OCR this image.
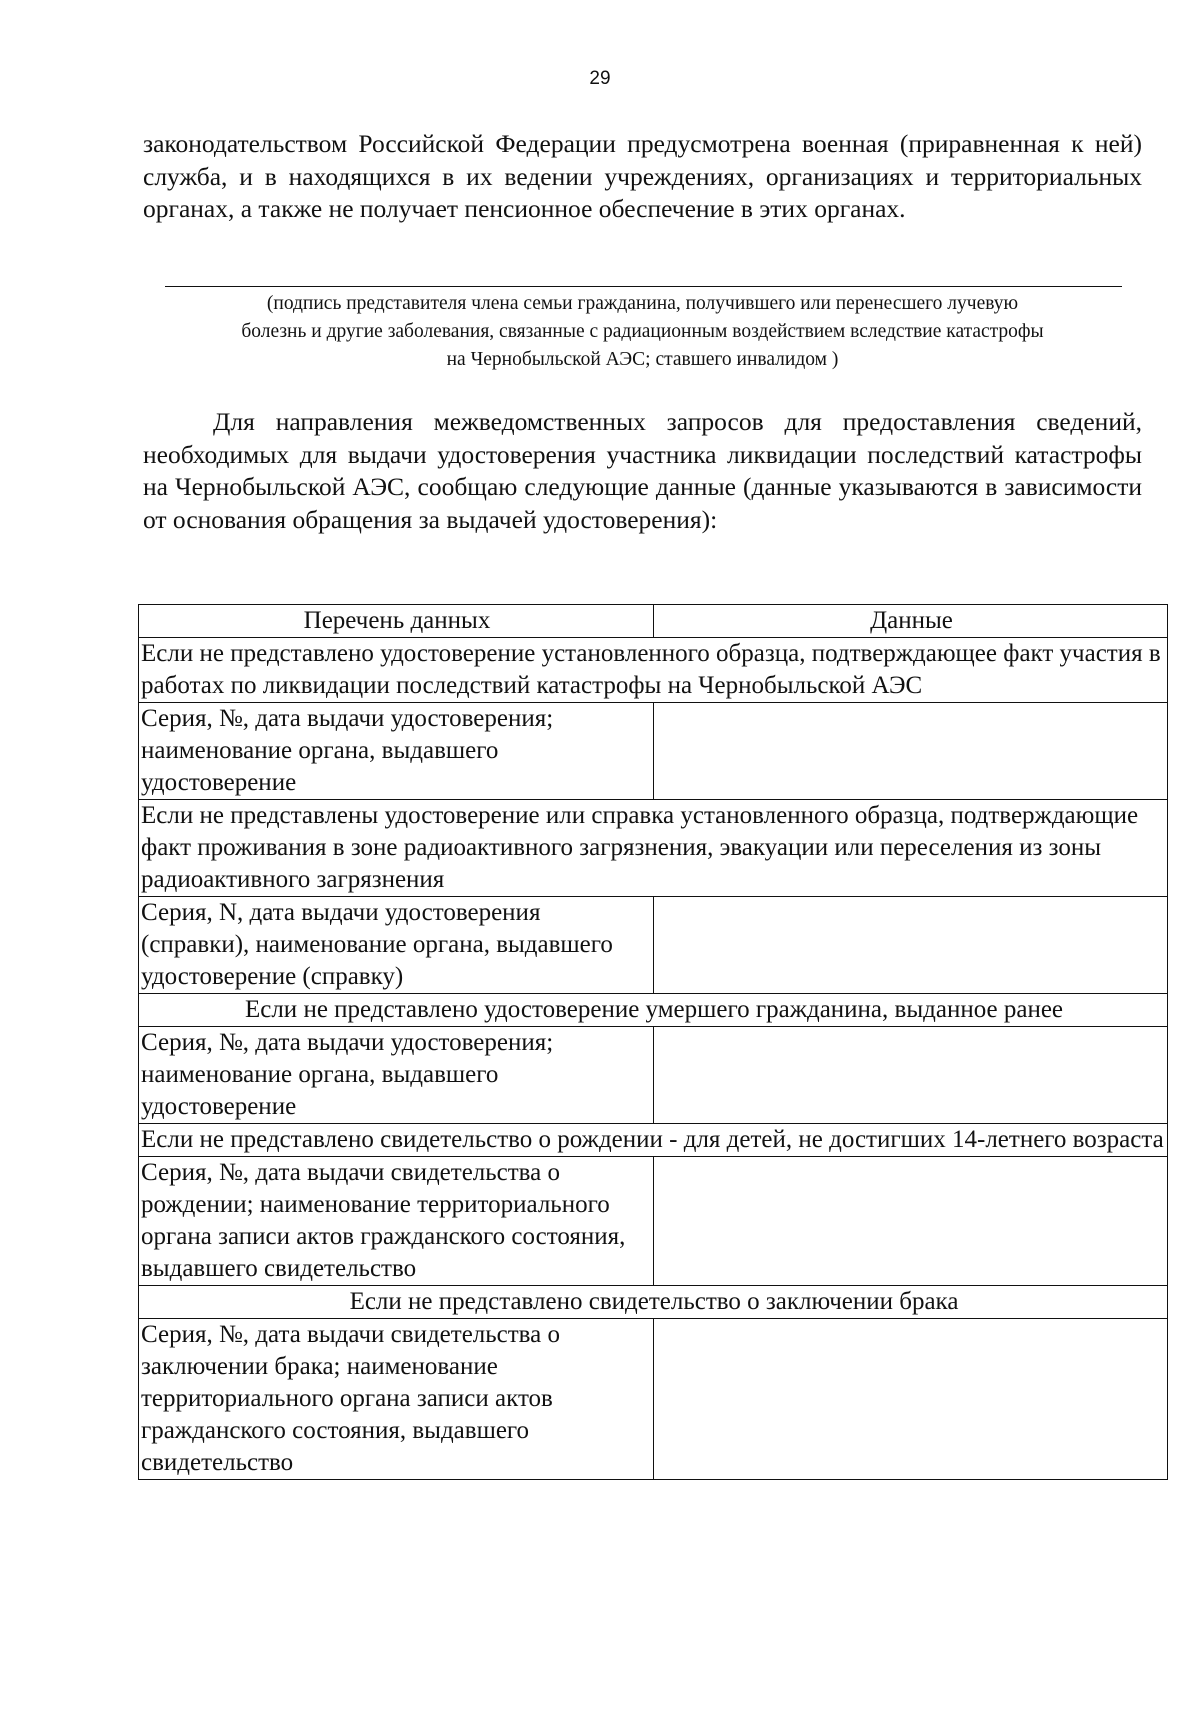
29

законодательством Российской Федерации предусмотрена военная (приравненная к ней) служба, и в находящихся в их ведении учреждениях, организациях и территориальных органах, а также не получает пенсионное обеспечение в этих органах.

(подпись представителя члена семьи гражданина, получившего или перенесшего лучевую
болезнь и другие заболевания, связанные с радиационным воздействием вследствие катастрофы
на Чернобыльской АЭС; ставшего инвалидом )

Для направления межведомственных запросов для предоставления сведений, необходимых для выдачи удостоверения участника ликвидации последствий катастрофы на Чернобыльской АЭС, сообщаю следующие данные (данные указываются в зависимости от основания обращения за выдачей удостоверения):

Перечень данных	Данные
Если не представлено удостоверение установленного образца, подтверждающее факт участия в работах по ликвидации последствий катастрофы на Чернобыльской АЭС	
Серия, №, дата выдачи удостоверения; наименование органа, выдавшего удостоверение	
Если не представлены удостоверение или справка установленного образца, подтверждающие факт проживания в зоне радиоактивного загрязнения, эвакуации или переселения из зоны радиоактивного загрязнения	
Серия, N, дата выдачи удостоверения (справки), наименование органа, выдавшего удостоверение (справку)	
Если не представлено удостоверение умершего гражданина, выданное ранее	
Серия, №, дата выдачи удостоверения; наименование органа, выдавшего удостоверение	
Если не представлено свидетельство о рождении - для детей, не достигших 14-летнего возраста	
Серия, №, дата выдачи свидетельства о рождении; наименование территориального органа записи актов гражданского состояния, выдавшего свидетельство	
Если не представлено свидетельство о заключении брака	
Серия, №, дата выдачи свидетельства о заключении брака; наименование территориального органа записи актов гражданского состояния, выдавшего свидетельство	
